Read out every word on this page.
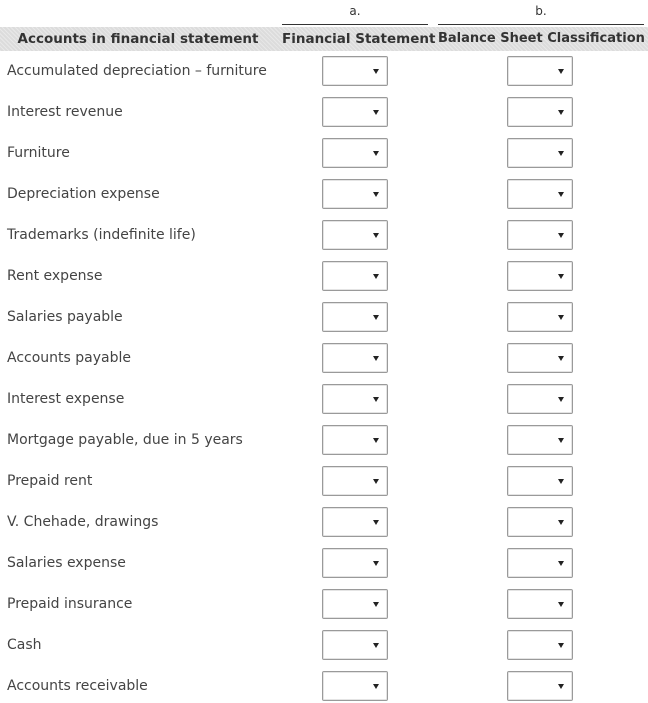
a.	b.
Accounts in financial statement	Financial Statement Balance Sheet Classification
Accumulated depreciation – furniture
Interest revenue
Furniture
Depreciation expense
Trademarks (indefinite life)
Rent expense
Salaries payable
Accounts payable
Interest expense
Mortgage payable, due in 5 years
Prepaid rent
V. Chehade, drawings
Salaries expense
Prepaid insurance
Cash
Accounts receivable
